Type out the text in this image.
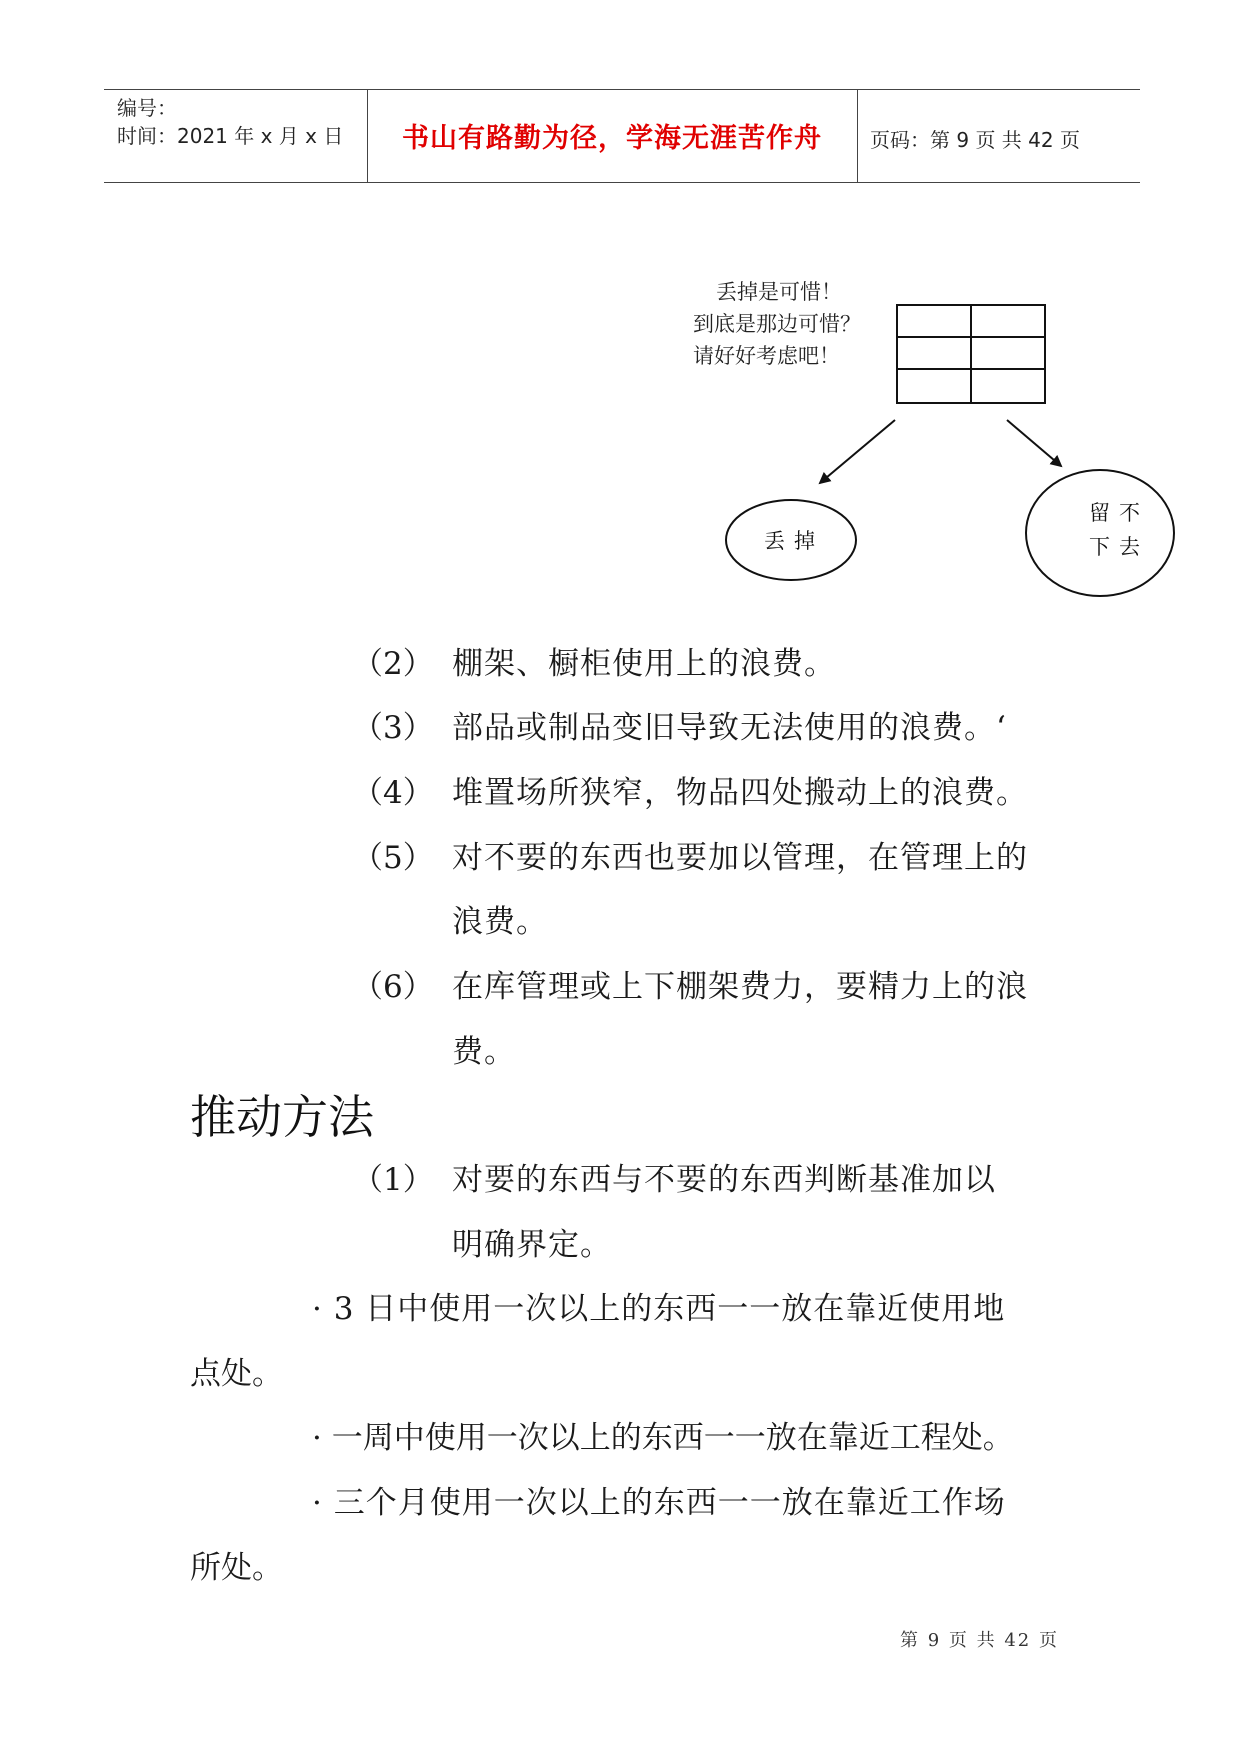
编号：
时间：2021 年 x 月 x 日	书山有路勤为径，学海无涯苦作舟	页码：第 9 页 共 42 页
丢掉是可惜！
到底是那边可惜？
请好好考虑吧！
丢掉
留不
下去
（2） 棚架、橱柜使用上的浪费。
（3） 部品或制品变旧导致无法使用的浪费。‘
（4） 堆置场所狭窄，物品四处搬动上的浪费。
（5） 对不要的东西也要加以管理，在管理上的
浪费。
（6） 在库管理或上下棚架费力，要精力上的浪
费。
推动方法
（1） 对要的东西与不要的东西判断基准加以
明确界定。
· 3 日中使用一次以上的东西一一放在靠近使用地
点处。
· 一周中使用一次以上的东西一一放在靠近工程处。
· 三个月使用一次以上的东西一一放在靠近工作场
所处。
第 9 页 共 42 页
